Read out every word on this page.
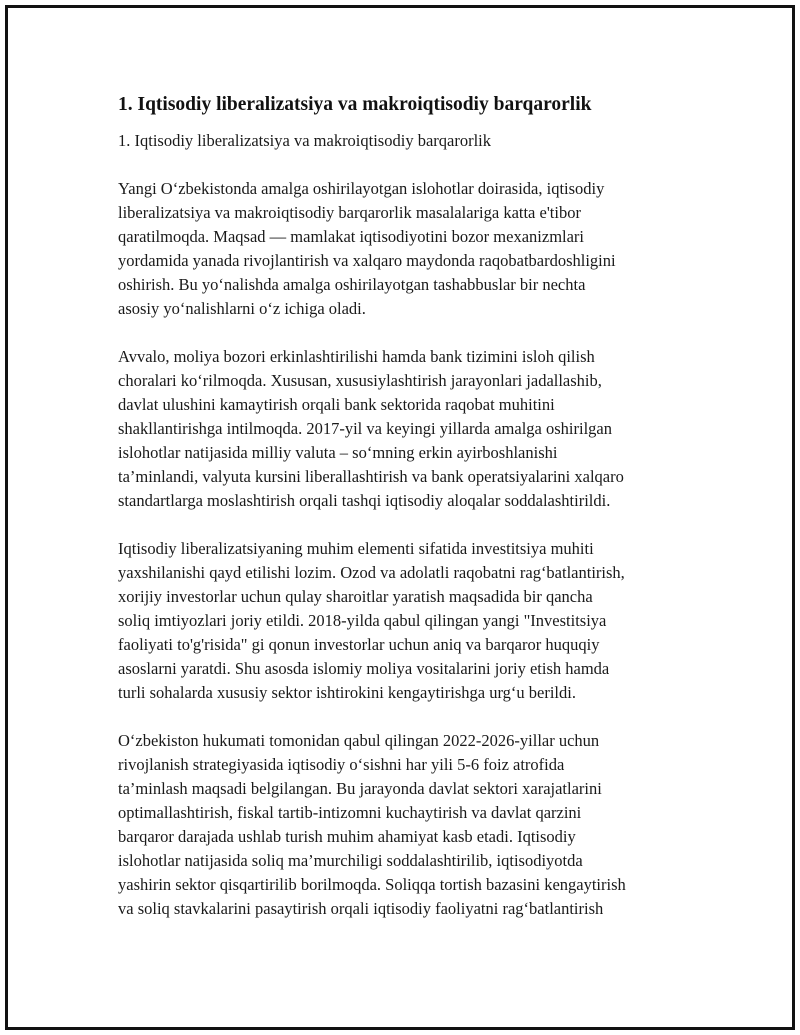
1. Iqtisodiy liberalizatsiya va makroiqtisodiy barqarorlik

1. Iqtisodiy liberalizatsiya va makroiqtisodiy barqarorlik

Yangi O‘zbekistonda amalga oshirilayotgan islohotlar doirasida, iqtisodiy
liberalizatsiya va makroiqtisodiy barqarorlik masalalariga katta e'tibor
qaratilmoqda. Maqsad — mamlakat iqtisodiyotini bozor mexanizmlari
yordamida yanada rivojlantirish va xalqaro maydonda raqobatbardoshligini
oshirish. Bu yo‘nalishda amalga oshirilayotgan tashabbuslar bir nechta
asosiy yo‘nalishlarni o‘z ichiga oladi.

Avvalo, moliya bozori erkinlashtirilishi hamda bank tizimini isloh qilish
choralari ko‘rilmoqda. Xususan, xususiylashtirish jarayonlari jadallashib,
davlat ulushini kamaytirish orqali bank sektorida raqobat muhitini
shakllantirishga intilmoqda. 2017-yil va keyingi yillarda amalga oshirilgan
islohotlar natijasida milliy valuta – so‘mning erkin ayirboshlanishi
ta’minlandi, valyuta kursini liberallashtirish va bank operatsiyalarini xalqaro
standartlarga moslashtirish orqali tashqi iqtisodiy aloqalar soddalashtirildi.

Iqtisodiy liberalizatsiyaning muhim elementi sifatida investitsiya muhiti
yaxshilanishi qayd etilishi lozim. Ozod va adolatli raqobatni rag‘batlantirish,
xorijiy investorlar uchun qulay sharoitlar yaratish maqsadida bir qancha
soliq imtiyozlari joriy etildi. 2018-yilda qabul qilingan yangi "Investitsiya
faoliyati to'g'risida" gi qonun investorlar uchun aniq va barqaror huquqiy
asoslarni yaratdi. Shu asosda islomiy moliya vositalarini joriy etish hamda
turli sohalarda xususiy sektor ishtirokini kengaytirishga urg‘u berildi.

O‘zbekiston hukumati tomonidan qabul qilingan 2022-2026-yillar uchun
rivojlanish strategiyasida iqtisodiy o‘sishni har yili 5-6 foiz atrofida
ta’minlash maqsadi belgilangan. Bu jarayonda davlat sektori xarajatlarini
optimallashtirish, fiskal tartib-intizomni kuchaytirish va davlat qarzini
barqaror darajada ushlab turish muhim ahamiyat kasb etadi. Iqtisodiy
islohotlar natijasida soliq ma’murchiligi soddalashtirilib, iqtisodiyotda
yashirin sektor qisqartirilib borilmoqda. Soliqqa tortish bazasini kengaytirish
va soliq stavkalarini pasaytirish orqali iqtisodiy faoliyatni rag‘batlantirish
